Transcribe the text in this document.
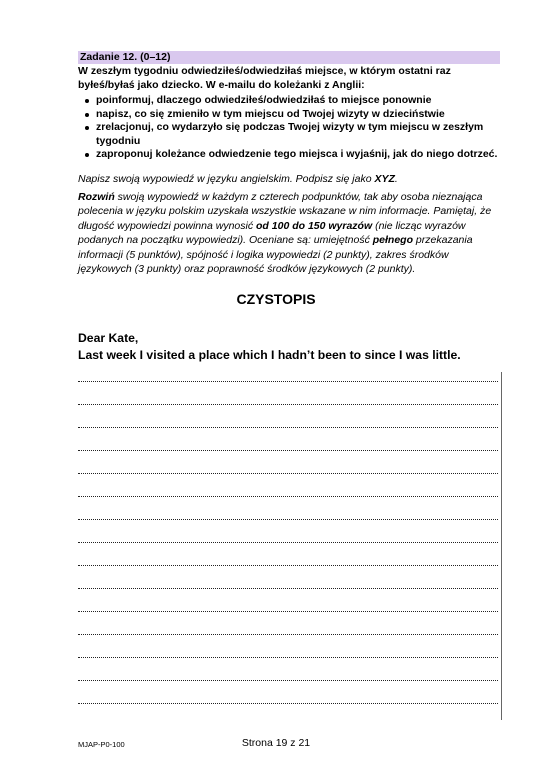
Zadanie 12. (0–12)

W zeszłym tygodniu odwiedziłeś/odwiedziłaś miejsce, w którym ostatni raz byłeś/byłaś jako dziecko. W e-mailu do koleżanki z Anglii:

poinformuj, dlaczego odwiedziłeś/odwiedziłaś to miejsce ponownie
napisz, co się zmieniło w tym miejscu od Twojej wizyty w dzieciństwie
zrelacjonuj, co wydarzyło się podczas Twojej wizyty w tym miejscu w zeszłym tygodniu
zaproponuj koleżance odwiedzenie tego miejsca i wyjaśnij, jak do niego dotrzeć.

Napisz swoją wypowiedź w języku angielskim. Podpisz się jako XYZ.

Rozwiń swoją wypowiedź w każdym z czterech podpunktów, tak aby osoba nieznająca polecenia w języku polskim uzyskała wszystkie wskazane w nim informacje. Pamiętaj, że długość wypowiedzi powinna wynosić od 100 do 150 wyrazów (nie licząc wyrazów podanych na początku wypowiedzi). Oceniane są: umiejętność pełnego przekazania informacji (5 punktów), spójność i logika wypowiedzi (2 punkty), zakres środków językowych (3 punkty) oraz poprawność środków językowych (2 punkty).

CZYSTOPIS
Dear Kate,
Last week I visited a place which I hadn’t been to since I was little.
MJAP-P0-100	Strona 19 z 21
